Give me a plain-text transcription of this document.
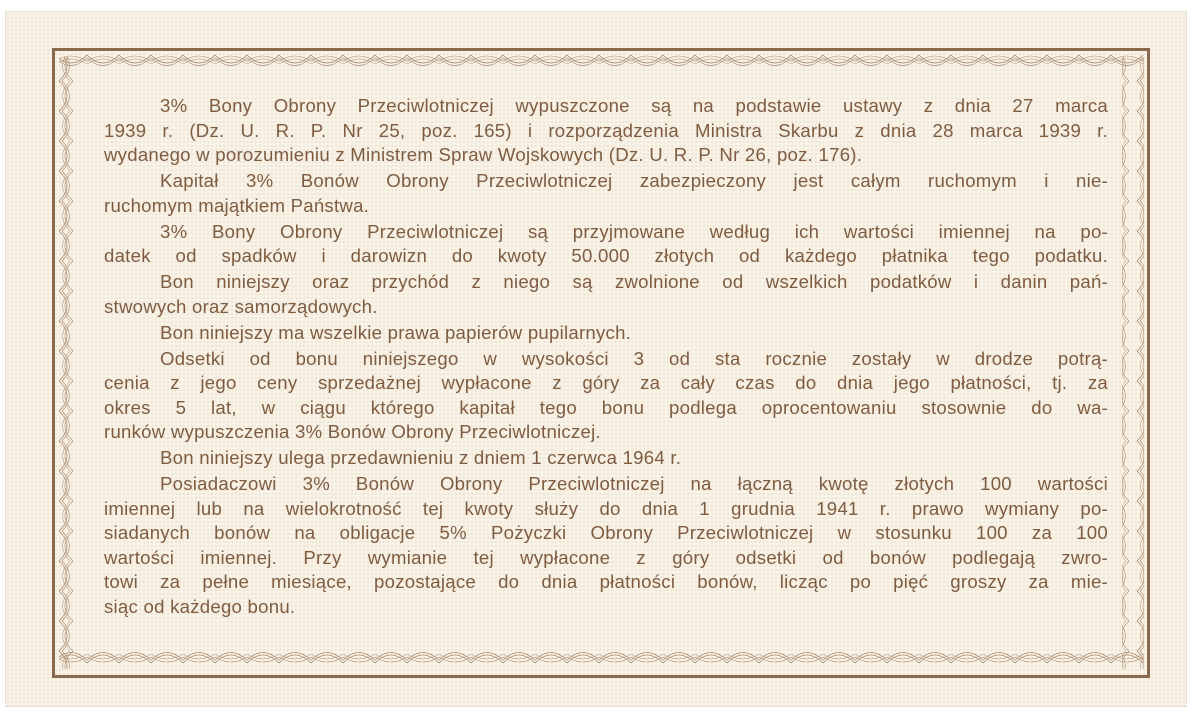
3% Bony Obrony Przeciwlotniczej wypuszczone są na podstawie ustawy z dnia 27 marca
1939 r. (Dz. U. R. P. Nr 25, poz. 165) i rozporządzenia Ministra Skarbu z dnia 28 marca 1939 r.
wydanego w porozumieniu z Ministrem Spraw Wojskowych (Dz. U. R. P. Nr 26, poz. 176).

Kapitał 3% Bonów Obrony Przeciwlotniczej zabezpieczony jest całym ruchomym i nie-
ruchomym majątkiem Państwa.

3% Bony Obrony Przeciwlotniczej są przyjmowane według ich wartości imiennej na po-
datek od spadków i darowizn do kwoty 50.000 złotych od każdego płatnika tego podatku.

Bon niniejszy oraz przychód z niego są zwolnione od wszelkich podatków i danin pań-
stwowych oraz samorządowych.

Bon niniejszy ma wszelkie prawa papierów pupilarnych.

Odsetki od bonu niniejszego w wysokości 3 od sta rocznie zostały w drodze potrą-
cenia z jego ceny sprzedażnej wypłacone z góry za cały czas do dnia jego płatności, tj. za
okres 5 lat, w ciągu którego kapitał tego bonu podlega oprocentowaniu stosownie do wa-
runków wypuszczenia 3% Bonów Obrony Przeciwlotniczej.

Bon niniejszy ulega przedawnieniu z dniem 1 czerwca 1964 r.

Posiadaczowi 3% Bonów Obrony Przeciwlotniczej na łączną kwotę złotych 100 wartości
imiennej lub na wielokrotność tej kwoty służy do dnia 1 grudnia 1941 r. prawo wymiany po-
siadanych bonów na obligacje 5% Pożyczki Obrony Przeciwlotniczej w stosunku 100 za 100
wartości imiennej. Przy wymianie tej wypłacone z góry odsetki od bonów podlegają zwro-
towi za pełne miesiące, pozostające do dnia płatności bonów, licząc po pięć groszy za mie-
siąc od każdego bonu.
